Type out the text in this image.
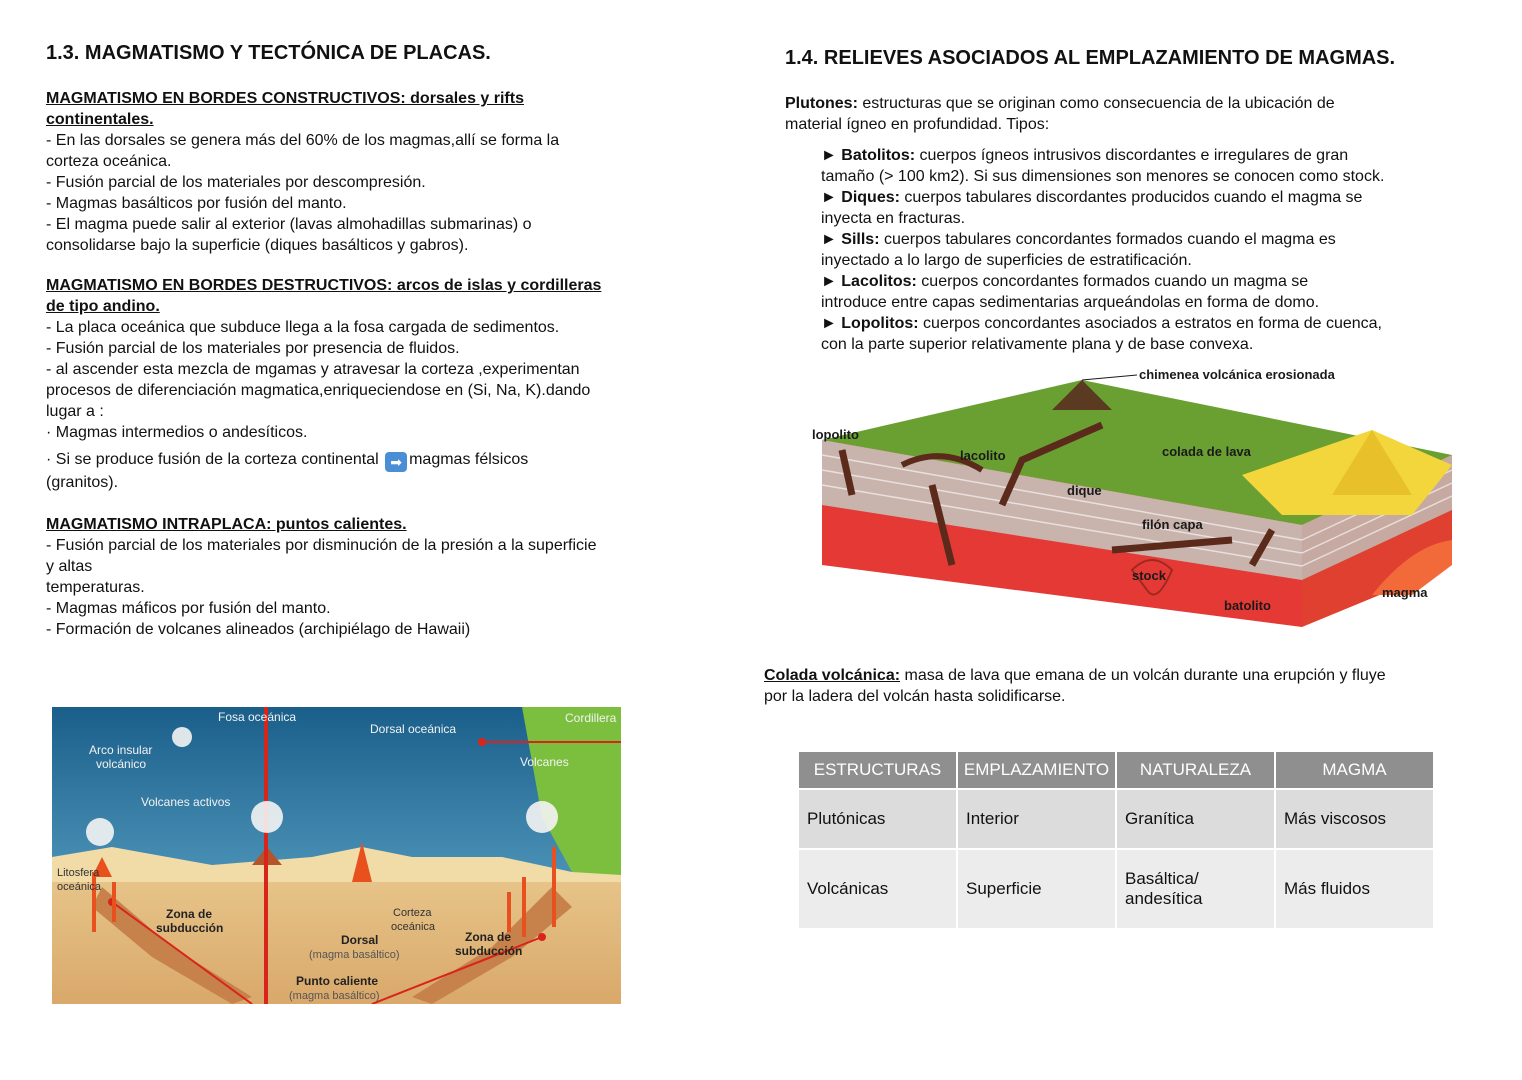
1.3. MAGMATISMO Y TECTÓNICA DE PLACAS.

MAGMATISMO EN BORDES CONSTRUCTIVOS: dorsales y rifts

continentales.

- En las dorsales se genera más del 60% de los magmas,allí se forma la

corteza oceánica.

- Fusión parcial de los materiales por descompresión.

- Magmas basálticos por fusión del manto.

- El magma puede salir al exterior (lavas almohadillas submarinas) o

consolidarse bajo la superficie (diques basálticos y gabros).

MAGMATISMO EN BORDES DESTRUCTIVOS: arcos de islas y cordilleras

de tipo andino.

- La placa oceánica que subduce llega a la fosa cargada de sedimentos.

- Fusión parcial de los materiales por presencia de fluidos.

- al ascender esta mezcla de mgamas y atravesar la corteza ,experimentan

procesos de diferenciación magmatica,enriqueciendose en (Si, Na, K).dando

lugar a :

· Magmas intermedios o andesíticos.

· Si se produce fusión de la corteza continental ➡ magmas félsicos

(granitos).

MAGMATISMO INTRAPLACA: puntos calientes.

- Fusión parcial de los materiales por disminución de la presión a la superficie

y altas

temperaturas.

- Magmas máficos por fusión del manto.

- Formación de volcanes alineados (archipiélago de Hawaii)

Fosa oceánica
Dorsal oceánica
Cordillera
Arco insular
volcánico	Volcanes
Volcanes activos
Litosfera
oceánica
Corteza
oceánica
Zona de
subducción
Dorsal	Zona de
subducción
Punto caliente
(magma basáltico)
(magma basáltico)
1.4. RELIEVES ASOCIADOS AL EMPLAZAMIENTO DE MAGMAS.

Plutones: estructuras que se originan como consecuencia de la ubicación de

material ígneo en profundidad. Tipos:

► Batolitos: cuerpos ígneos intrusivos discordantes e irregulares de gran

tamaño (> 100 km2). Si sus dimensiones son menores se conocen como stock.

► Diques: cuerpos tabulares discordantes producidos cuando el magma se

inyecta en fracturas.

► Sills: cuerpos tabulares concordantes formados cuando el magma es

inyectado a lo largo de superficies de estratificación.

► Lacolitos: cuerpos concordantes formados cuando un magma se

introduce entre capas sedimentarias arqueándolas en forma de domo.

► Lopolitos: cuerpos concordantes asociados a estratos en forma de cuenca,

con la parte superior relativamente plana y de base convexa.

Colada volcánica: masa de lava que emana de un volcán durante una erupción y fluye

por la ladera del volcán hasta solidificarse.

ESTRUCTURAS	EMPLAZAMIENTO	NATURALEZA	MAGMA
Plutónicas	Interior	Granítica	Más viscosos
Volcánicas	Superficie	Basáltica/
andesítica	Más fluidos
chimenea volcánica erosionada
lopolito
lacolito	colada de lava
dique
filón capa
stock
batolito
magma
